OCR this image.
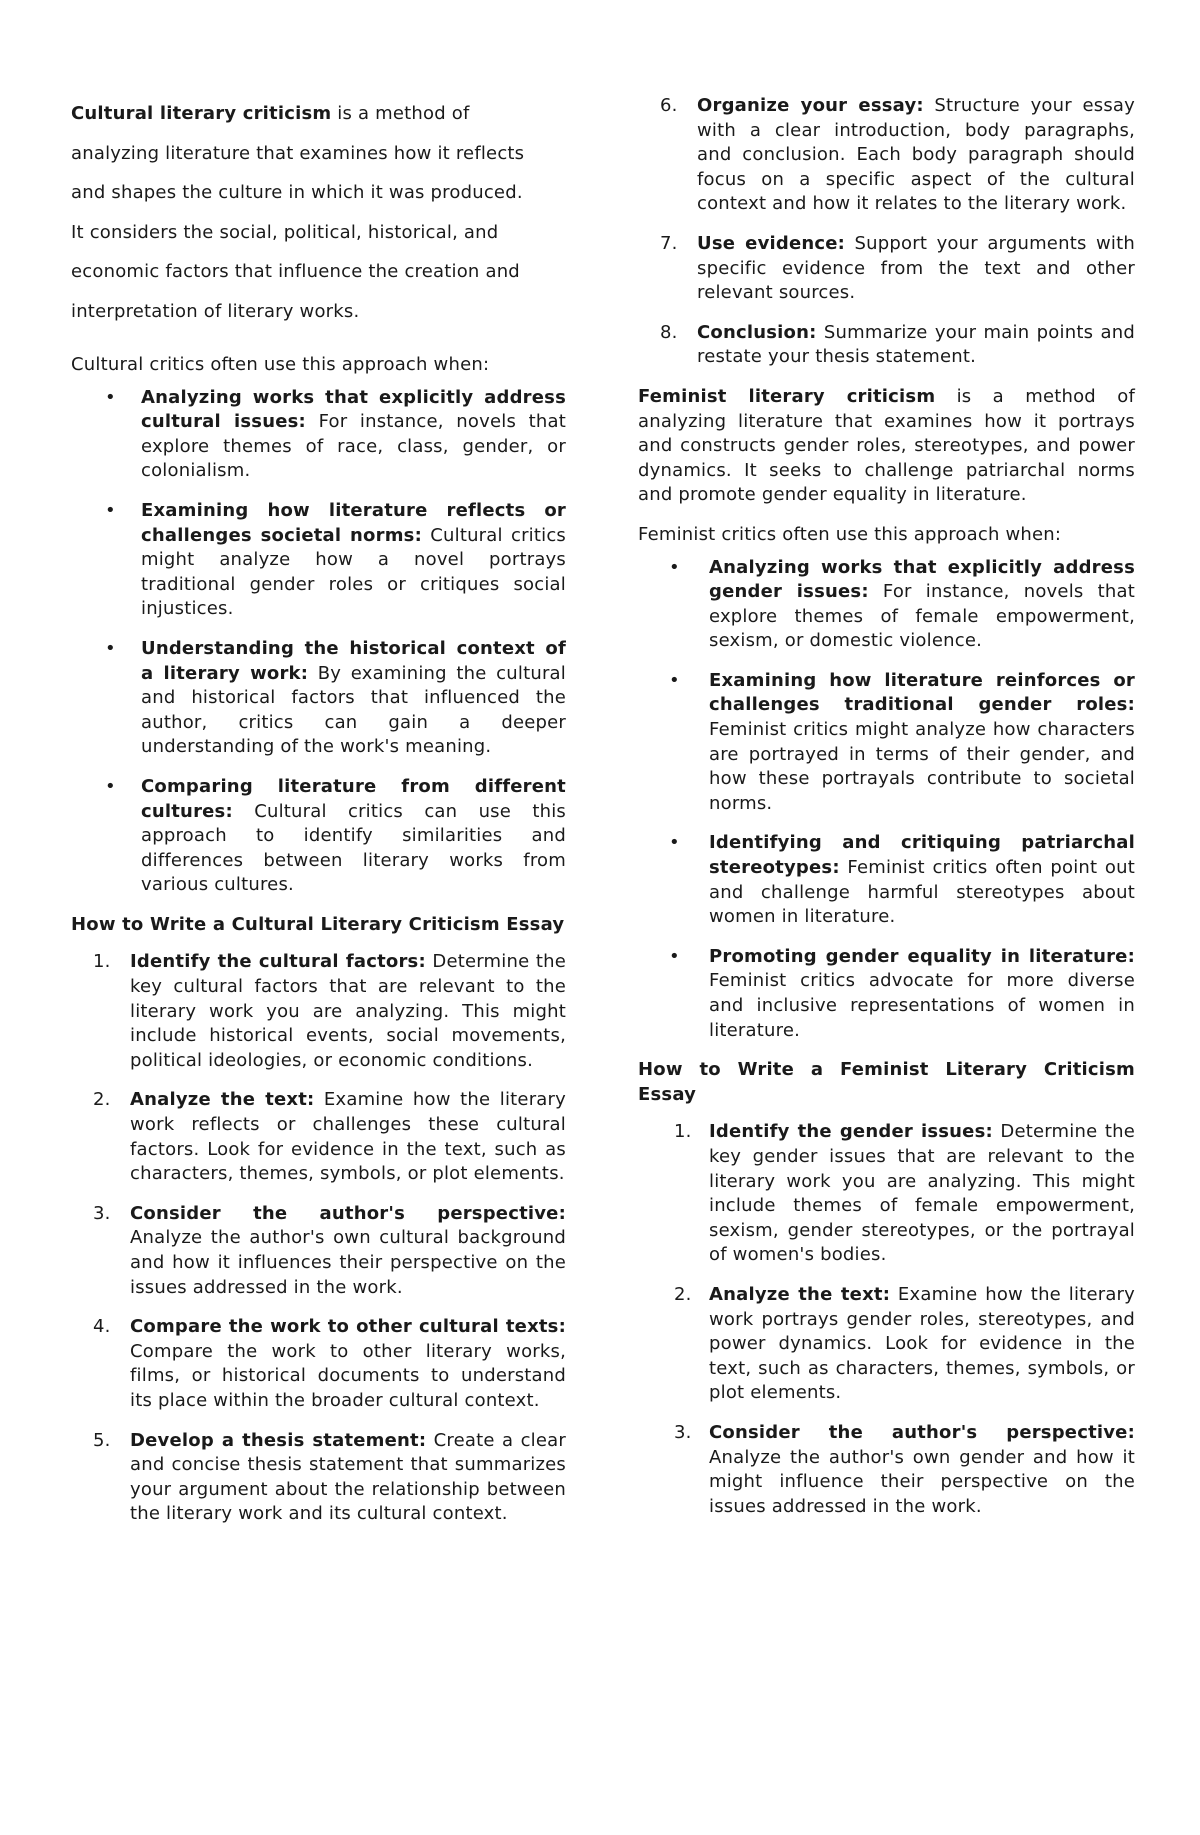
Cultural literary criticism is a method of

analyzing literature that examines how it reflects

and shapes the culture in which it was produced.

It considers the social, political, historical, and

economic factors that influence the creation and

interpretation of literary works.

Cultural critics often use this approach when:

• Analyzing works that explicitly address cultural issues: For instance, novels that explore themes of race, class, gender, or colonialism.
• Examining how literature reflects or challenges societal norms: Cultural critics might analyze how a novel portrays traditional gender roles or critiques social injustices.
• Understanding the historical context of a literary work: By examining the cultural and historical factors that influenced the author, critics can gain a deeper understanding of the work's meaning.
• Comparing literature from different cultures: Cultural critics can use this approach to identify similarities and differences between literary works from various cultures.
How to Write a Cultural Literary Criticism Essay
1. Identify the cultural factors: Determine the key cultural factors that are relevant to the literary work you are analyzing. This might include historical events, social movements, political ideologies, or economic conditions.
2. Analyze the text: Examine how the literary work reflects or challenges these cultural factors. Look for evidence in the text, such as characters, themes, symbols, or plot elements.
3. Consider the author's perspective: Analyze the author's own cultural background and how it influences their perspective on the issues addressed in the work.
4. Compare the work to other cultural texts: Compare the work to other literary works, films, or historical documents to understand its place within the broader cultural context.
5. Develop a thesis statement: Create a clear and concise thesis statement that summarizes your argument about the relationship between the literary work and its cultural context.
6. Organize your essay: Structure your essay with a clear introduction, body paragraphs, and conclusion. Each body paragraph should focus on a specific aspect of the cultural context and how it relates to the literary work.
7. Use evidence: Support your arguments with specific evidence from the text and other relevant sources.
8. Conclusion: Summarize your main points and restate your thesis statement.

Feminist literary criticism is a method of analyzing literature that examines how it portrays and constructs gender roles, stereotypes, and power dynamics. It seeks to challenge patriarchal norms and promote gender equality in literature.

Feminist critics often use this approach when:

• Analyzing works that explicitly address gender issues: For instance, novels that explore themes of female empowerment, sexism, or domestic violence.
• Examining how literature reinforces or challenges traditional gender roles: Feminist critics might analyze how characters are portrayed in terms of their gender, and how these portrayals contribute to societal norms.
• Identifying and critiquing patriarchal stereotypes: Feminist critics often point out and challenge harmful stereotypes about women in literature.
• Promoting gender equality in literature: Feminist critics advocate for more diverse and inclusive representations of women in literature.
How to Write a Feminist Literary Criticism Essay
1. Identify the gender issues: Determine the key gender issues that are relevant to the literary work you are analyzing. This might include themes of female empowerment, sexism, gender stereotypes, or the portrayal of women's bodies.
2. Analyze the text: Examine how the literary work portrays gender roles, stereotypes, and power dynamics. Look for evidence in the text, such as characters, themes, symbols, or plot elements.
3. Consider the author's perspective: Analyze the author's own gender and how it might influence their perspective on the issues addressed in the work.
